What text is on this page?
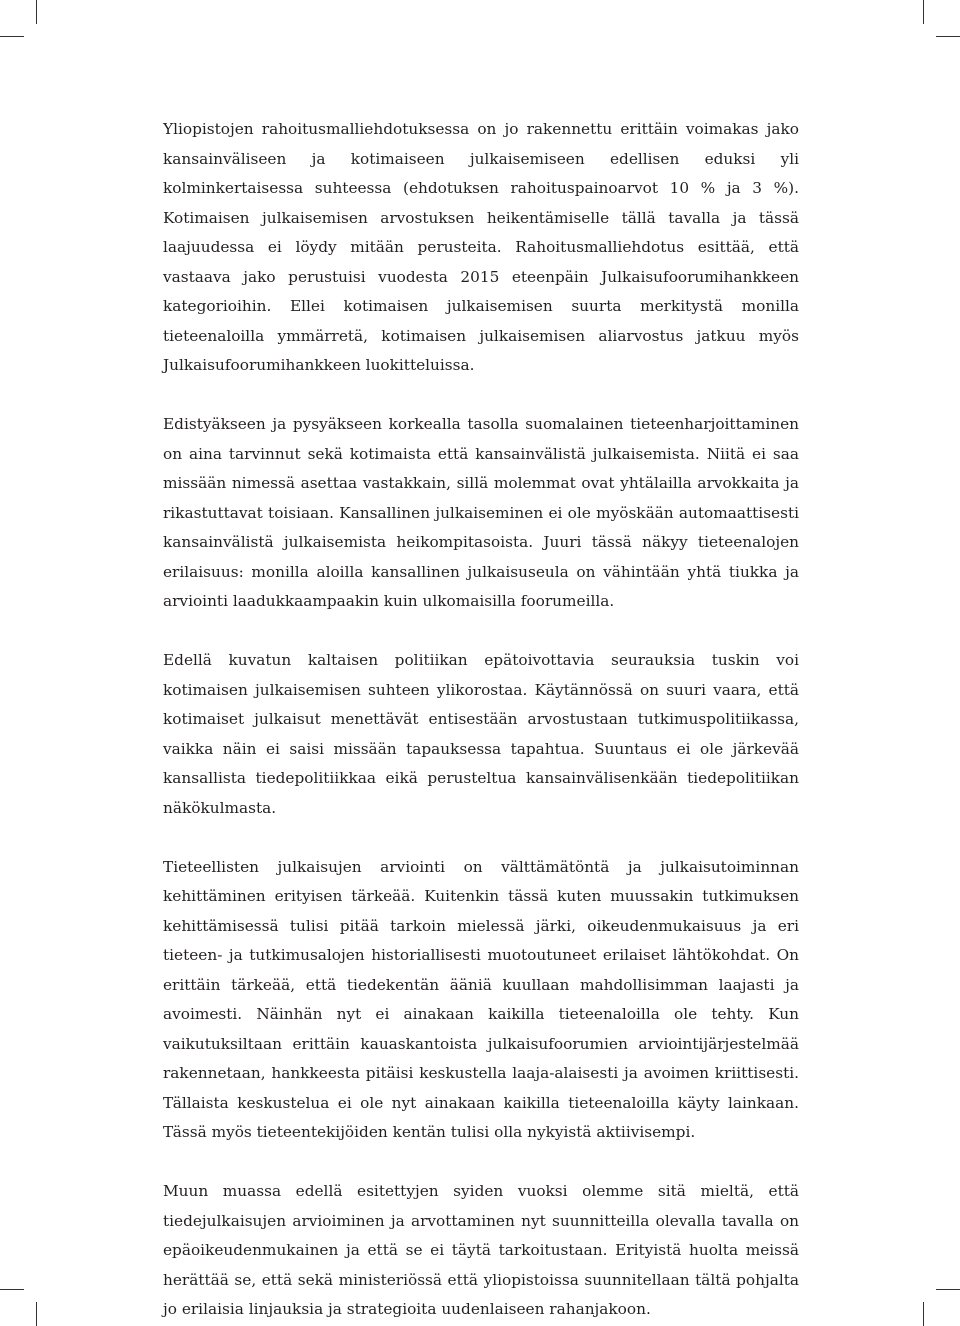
Yliopistojen rahoitusmalliehdotuksessa on jo rakennettu erittäin voimakas jako kansainväliseen ja kotimaiseen julkaisemiseen edellisen eduksi yli kolminkertaisessa suhteessa (ehdotuksen rahoituspainoarvot 10 % ja 3 %). Kotimaisen julkaisemisen arvostuksen heikentämiselle tällä tavalla ja tässä laajuudessa ei löydy mitään perusteita. Rahoitusmalliehdotus esittää, että vastaava jako perustuisi vuodesta 2015 eteenpäin Julkaisufoorumihankkeen kategorioihin. Ellei kotimaisen julkaisemisen suurta merkitystä monilla tieteenaloilla ymmärretä, kotimaisen julkaisemisen aliarvostus jatkuu myös Julkaisufoorumihankkeen luokitteluissa.

Edistyäkseen ja pysyäkseen korkealla tasolla suomalainen tieteenharjoittaminen on aina tarvinnut sekä kotimaista että kansainvälistä julkaisemista. Niitä ei saa missään nimessä asettaa vastakkain, sillä molemmat ovat yhtälailla arvokkaita ja rikastuttavat toisiaan. Kansallinen julkaiseminen ei ole myöskään automaattisesti kansainvälistä julkaisemista heikompitasoista. Juuri tässä näkyy tieteenalojen erilaisuus: monilla aloilla kansallinen julkaisuseula on vähintään yhtä tiukka ja arviointi laadukkaampaakin kuin ulkomaisilla foorumeilla.

Edellä kuvatun kaltaisen politiikan epätoivottavia seurauksia tuskin voi kotimaisen julkaisemisen suhteen ylikorostaa. Käytännössä on suuri vaara, että kotimaiset julkaisut menettävät entisestään arvostustaan tutkimuspolitiikassa, vaikka näin ei saisi missään tapauksessa tapahtua. Suuntaus ei ole järkevää kansallista tiedepolitiikkaa eikä perusteltua kansainvälisenkään tiedepolitiikan näkökulmasta.

Tieteellisten julkaisujen arviointi on välttämätöntä ja julkaisutoiminnan kehittäminen erityisen tärkeää. Kuitenkin tässä kuten muussakin tutkimuksen kehittämisessä tulisi pitää tarkoin mielessä järki, oikeudenmukaisuus ja eri tieteen- ja tutkimusalojen historiallisesti muotoutuneet erilaiset lähtökohdat. On erittäin tärkeää, että tiedekentän ääniä kuullaan mahdollisimman laajasti ja avoimesti. Näinhän nyt ei ainakaan kaikilla tieteenaloilla ole tehty. Kun vaikutuksiltaan erittäin kauaskantoista julkaisufoorumien arviointijärjestelmää rakennetaan, hankkeesta pitäisi keskustella laaja-alaisesti ja avoimen kriittisesti. Tällaista keskustelua ei ole nyt ainakaan kaikilla tieteenaloilla käyty lainkaan. Tässä myös tieteentekijöiden kentän tulisi olla nykyistä aktiivisempi.

Muun muassa edellä esitettyjen syiden vuoksi olemme sitä mieltä, että tiedejulkaisujen arvioiminen ja arvottaminen nyt suunnitteilla olevalla tavalla on epäoikeudenmukainen ja että se ei täytä tarkoitustaan. Erityistä huolta meissä herättää se, että sekä ministeriössä että yliopistoissa suunnitellaan tältä pohjalta jo erilaisia linjauksia ja strategioita uudenlaiseen rahanjakoon.
